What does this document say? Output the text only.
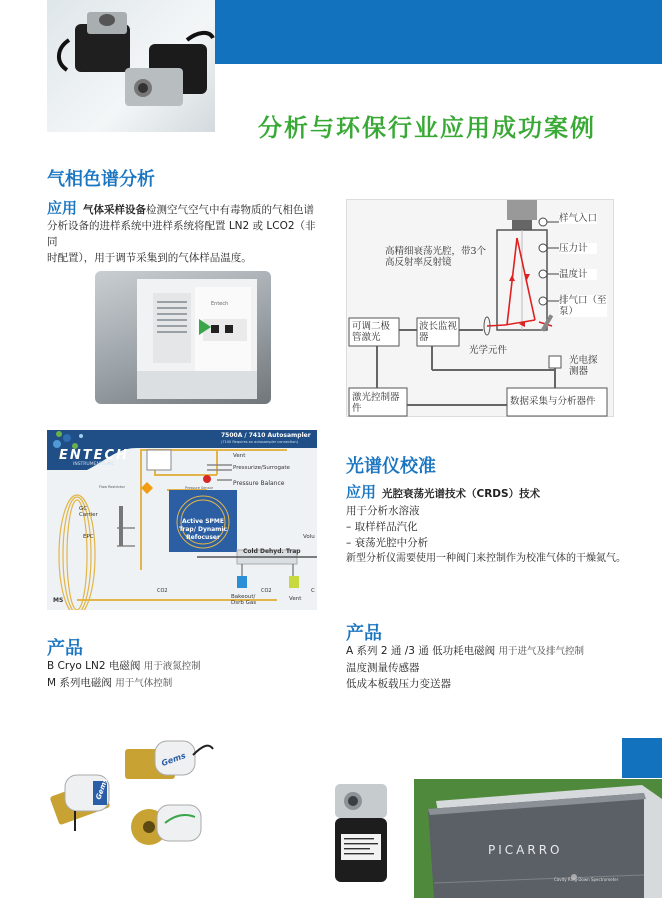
分析与环保行业应用成功案例
气相色谱分析
应用 气体采样设备检测空气空气中有毒物质的气相色谱
分析设备的进样系统中进样系统将配置 LN2 或 LCO2（非同
时配置），用于调节采集到的气体样品温度。
Entech
高精细衰荡光腔，带3个高反射率反射镜
样气入口
压力计
温度计
排气口（至泵）
可调二极管激光
波长监视器
光学元件
光电探测器
激光控制器件
数据采集与分析器件
ENTECH
INSTRUMENTS INC
7500A / 7410 Autosampler
(7100 Requires an autosampler connection)
Vent
Pressurize/Surrogate
Pressure Balance
Flow Restrictor	Pressure Sensor
GC
Carrier
EPC
Active SPME Trap/ Dynamic Refocuser
Cold Dehyd. Trap
Volu
CO2
Bakeout/
Dsrb Gas
CO2
Vent
C
MS
光谱仪校准
应用 光腔衰荡光谱技术（CRDS）技术
用于分析水溶液
– 取样样品汽化
– 衰荡光腔中分析
新型分析仪需要使用一种阀门来控制作为校准气体的干燥氮气。
产品
B Cryo LN2 电磁阀 用于液氮控制
M 系列电磁阀 用于气体控制
产品
A 系列 2 通 /3 通 低功耗电磁阀 用于进气及排气控制
温度测量传感器
低成本板载压力变送器
Gems
Gems
PICARRO
Cavity Ring-Down Spectrometer
